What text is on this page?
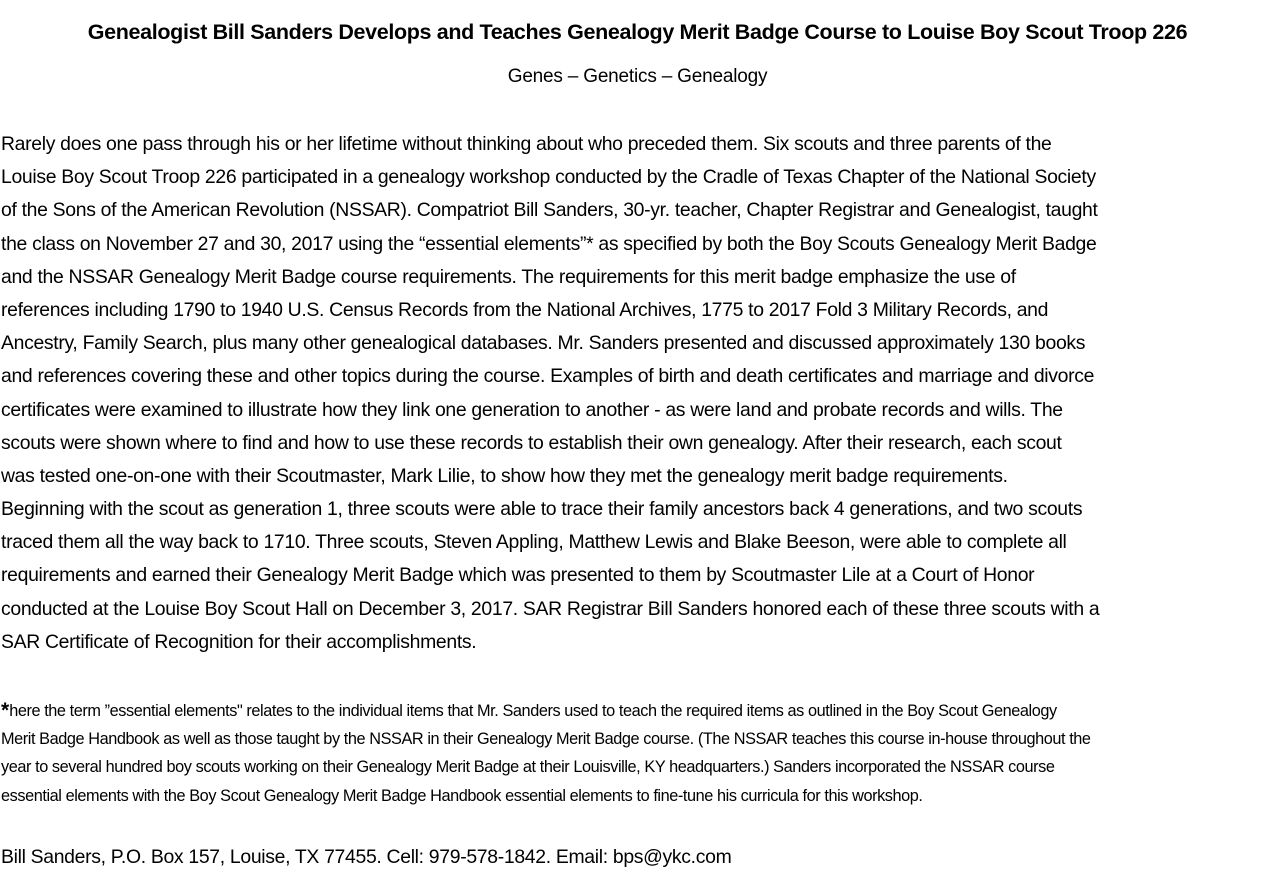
Genealogist Bill Sanders Develops and Teaches Genealogy Merit Badge Course to Louise Boy Scout Troop 226
Genes – Genetics – Genealogy
Rarely does one pass through his or her lifetime without thinking about who preceded them. Six scouts and three parents of the
Louise Boy Scout Troop 226 participated in a genealogy workshop conducted by the Cradle of Texas Chapter of the National Society
of the Sons of the American Revolution (NSSAR). Compatriot Bill Sanders, 30-yr. teacher, Chapter Registrar and Genealogist, taught
the class on November 27 and 30, 2017 using the “essential elements”* as specified by both the Boy Scouts Genealogy Merit Badge
and the NSSAR Genealogy Merit Badge course requirements. The requirements for this merit badge emphasize the use of
references including 1790 to 1940 U.S. Census Records from the National Archives, 1775 to 2017 Fold 3 Military Records, and
Ancestry, Family Search, plus many other genealogical databases. Mr. Sanders presented and discussed approximately 130 books
and references covering these and other topics during the course. Examples of birth and death certificates and marriage and divorce
certificates were examined to illustrate how they link one generation to another - as were land and probate records and wills. The
scouts were shown where to find and how to use these records to establish their own genealogy. After their research, each scout
was tested one-on-one with their Scoutmaster, Mark Lilie, to show how they met the genealogy merit badge requirements.
Beginning with the scout as generation 1, three scouts were able to trace their family ancestors back 4 generations, and two scouts
traced them all the way back to 1710. Three scouts, Steven Appling, Matthew Lewis and Blake Beeson, were able to complete all
requirements and earned their Genealogy Merit Badge which was presented to them by Scoutmaster Lile at a Court of Honor
conducted at the Louise Boy Scout Hall on December 3, 2017. SAR Registrar Bill Sanders honored each of these three scouts with a
SAR Certificate of Recognition for their accomplishments.
*here the term ”essential elements" relates to the individual items that Mr. Sanders used to teach the required items as outlined in the Boy Scout Genealogy
Merit Badge Handbook as well as those taught by the NSSAR in their Genealogy Merit Badge course. (The NSSAR teaches this course in-house throughout the
year to several hundred boy scouts working on their Genealogy Merit Badge at their Louisville, KY headquarters.) Sanders incorporated the NSSAR course
essential elements with the Boy Scout Genealogy Merit Badge Handbook essential elements to fine-tune his curricula for this workshop.
Bill Sanders, P.O. Box 157, Louise, TX 77455. Cell: 979-578-1842. Email: bps@ykc.com
